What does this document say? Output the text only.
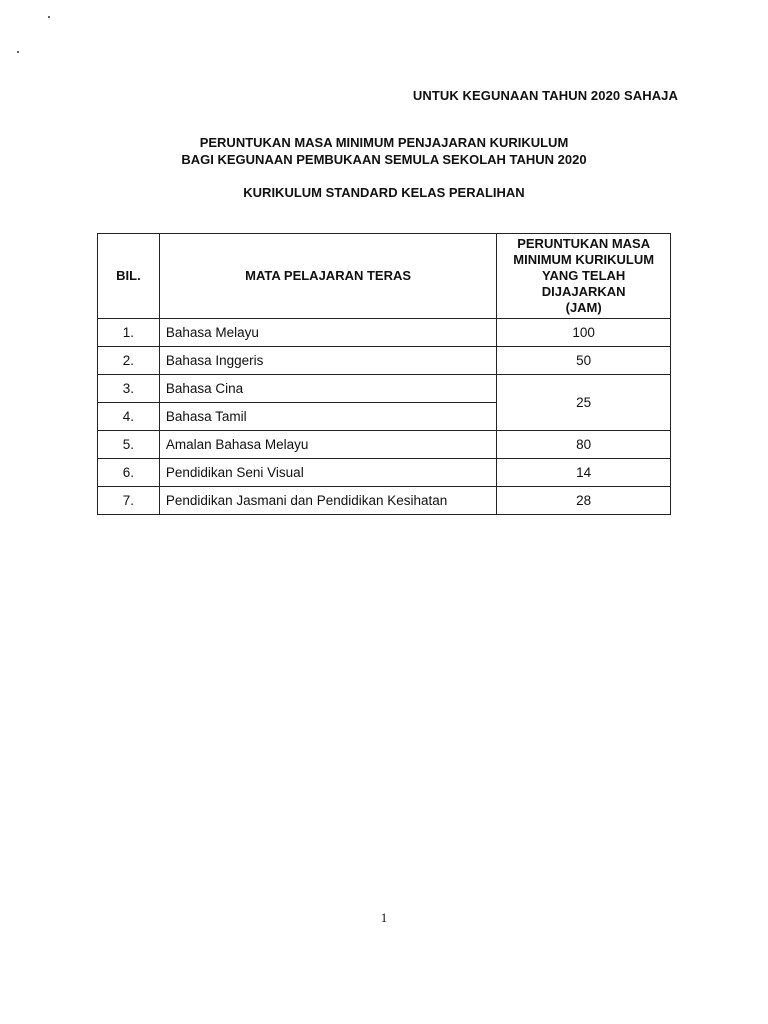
UNTUK KEGUNAAN TAHUN 2020 SAHAJA
PERUNTUKAN MASA MINIMUM PENJAJARAN KURIKULUM
BAGI KEGUNAAN PEMBUKAAN SEMULA SEKOLAH TAHUN 2020
KURIKULUM STANDARD KELAS PERALIHAN
BIL.	MATA PELAJARAN TERAS	PERUNTUKAN MASA
MINIMUM KURIKULUM
YANG TELAH
DIJAJARKAN
(JAM)

1.	Bahasa Melayu	100
2.	Bahasa Inggeris	50
3.	Bahasa Cina	25
4.	Bahasa Tamil	
5.	Amalan Bahasa Melayu	80
6.	Pendidikan Seni Visual	14
7.	Pendidikan Jasmani dan Pendidikan Kesihatan	28
1
